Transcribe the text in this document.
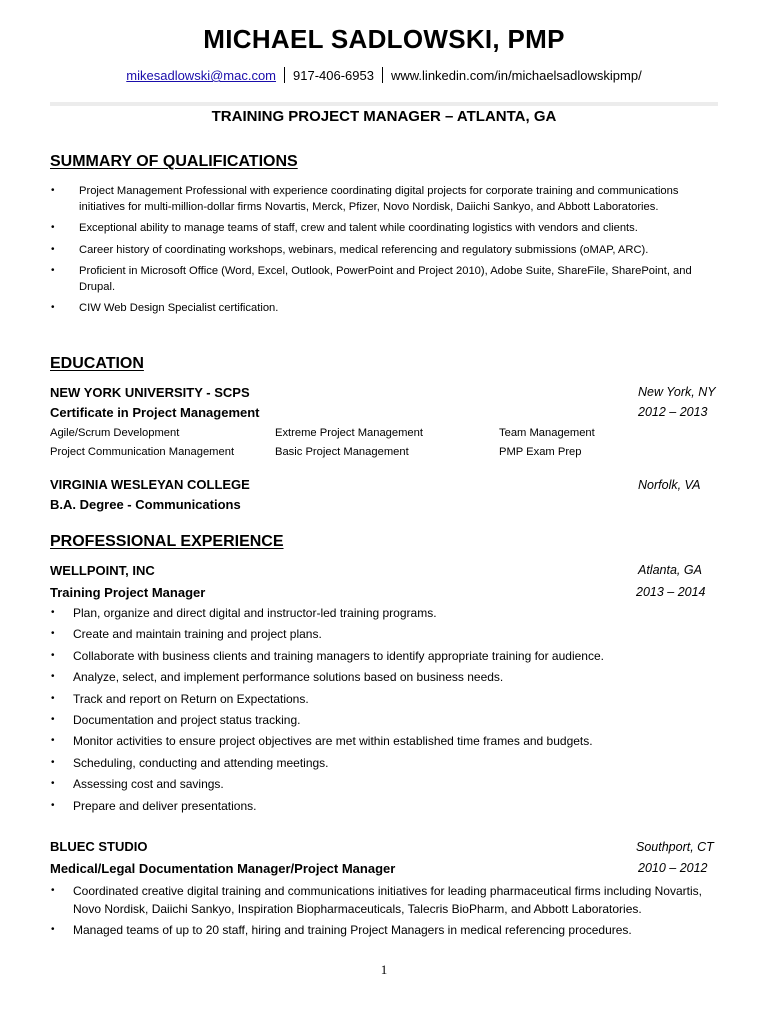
MICHAEL SADLOWSKI, PMP
mikesadlowski@mac.com 917-406-6953 www.linkedin.com/in/michaelsadlowskipmp/
TRAINING PROJECT MANAGER – ATLANTA, GA
SUMMARY OF QUALIFICATIONS
• Project Management Professional with experience coordinating digital projects for corporate training and communications initiatives for multi-million-dollar firms Novartis, Merck, Pfizer, Novo Nordisk, Daiichi Sankyo, and Abbott Laboratories.
• Exceptional ability to manage teams of staff, crew and talent while coordinating logistics with vendors and clients.
• Career history of coordinating workshops, webinars, medical referencing and regulatory submissions (oMAP, ARC).
• Proficient in Microsoft Office (Word, Excel, Outlook, PowerPoint and Project 2010), Adobe Suite, ShareFile, SharePoint, and Drupal.
• CIW Web Design Specialist certification.
EDUCATION
NEW YORK UNIVERSITY - SCPS	New York, NY
Certificate in Project Management	2012 – 2013
Agile/Scrum Development	Extreme Project Management	Team Management
Project Communication Management	Basic Project Management	PMP Exam Prep
VIRGINIA WESLEYAN COLLEGE	Norfolk, VA
B.A. Degree - Communications
PROFESSIONAL EXPERIENCE
WELLPOINT, INC	Atlanta, GA
Training Project Manager	2013 – 2014
• Plan, organize and direct digital and instructor-led training programs.
• Create and maintain training and project plans.
• Collaborate with business clients and training managers to identify appropriate training for audience.
• Analyze, select, and implement performance solutions based on business needs.
• Track and report on Return on Expectations.
• Documentation and project status tracking.
• Monitor activities to ensure project objectives are met within established time frames and budgets.
• Scheduling, conducting and attending meetings.
• Assessing cost and savings.
• Prepare and deliver presentations.
BLUEC STUDIO	Southport, CT
Medical/Legal Documentation Manager/Project Manager	2010 – 2012
• Coordinated creative digital training and communications initiatives for leading pharmaceutical firms including Novartis, Novo Nordisk, Daiichi Sankyo, Inspiration Biopharmaceuticals, Talecris BioPharm, and Abbott Laboratories.
• Managed teams of up to 20 staff, hiring and training Project Managers in medical referencing procedures.
1
